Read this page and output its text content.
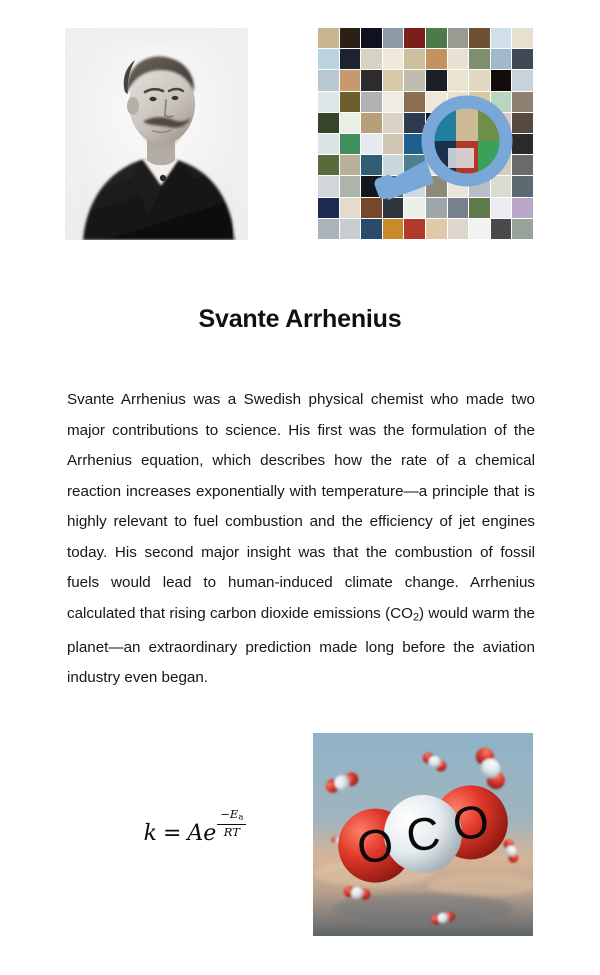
Svante Arrhenius

Svante Arrhenius was a Swedish physical chemist who made two major contributions to science. His first was the formulation of the Arrhenius equation, which describes how the rate of a chemical reaction increases exponentially with temperature—a principle that is highly relevant to fuel combustion and the efficiency of jet engines today. His second major insight was that the combustion of fossil fuels would lead to human-induced climate change. Arrhenius calculated that rising carbon dioxide emissions $(CO_2)$ would warm the planet—an extraordinary prediction made long before the aviation industry even began.

k = A e $\frac{-E_a}{RT}$ O C O
